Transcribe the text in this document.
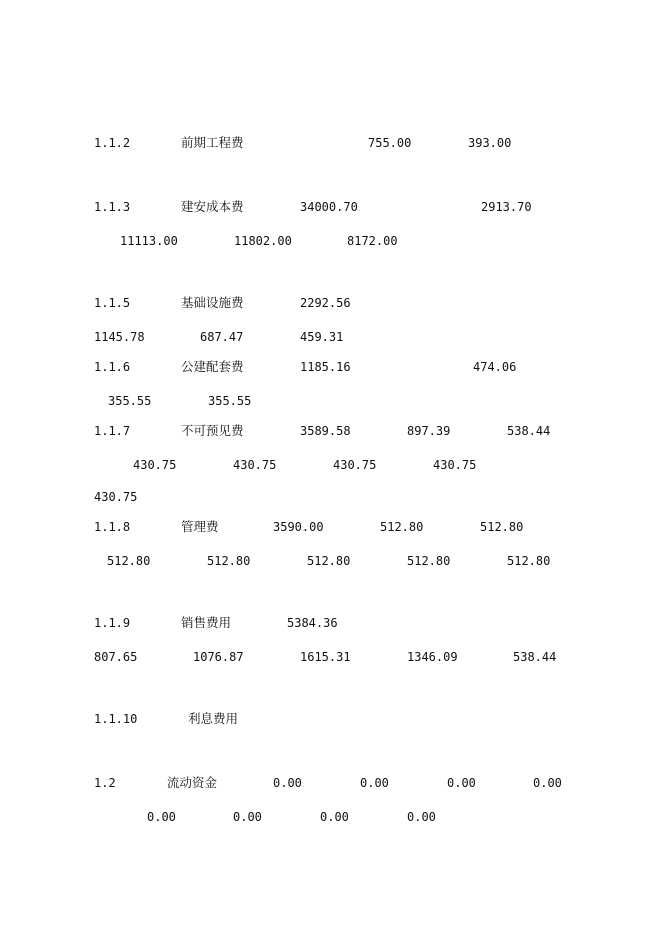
1.1.2	前期工程费	755.00	393.00
1.1.3	建安成本费	34000.70	2913.70
11113.00	11802.00	8172.00
1.1.5	基础设施费	2292.56
1145.78	687.47	459.31
1.1.6	公建配套费	1185.16	474.06
355.55	355.55
1.1.7	不可预见费	3589.58	897.39	538.44
430.75	430.75	430.75	430.75
430.75
1.1.8	管理费	3590.00	512.80	512.80
512.80	512.80	512.80	512.80	512.80
1.1.9	销售费用	5384.36
807.65	1076.87	1615.31	1346.09	538.44
1.1.10	利息费用
1.2	流动资金	0.00	0.00	0.00	0.00
0.00	0.00	0.00	0.00
